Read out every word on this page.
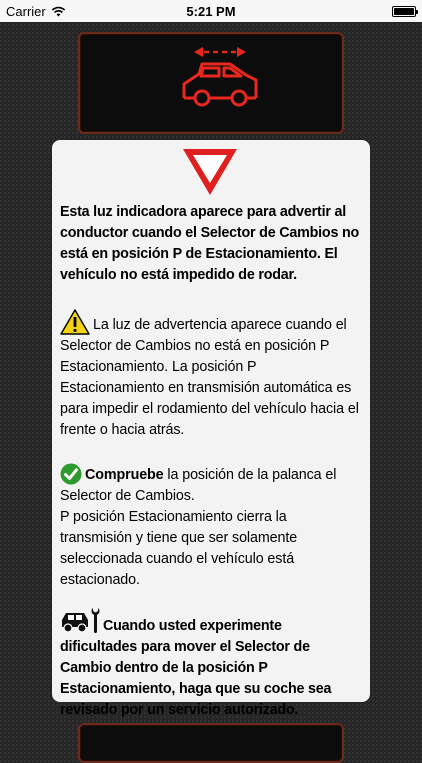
Carrier	5:21 PM

Esta luz indicadora aparece para advertir al conductor cuando el Selector de Cambios no está en posición P de Estacionamiento. El vehículo no está impedido de rodar.

La luz de advertencia aparece cuando el Selector de Cambios no está en posición P Estacionamiento. La posición P Estacionamiento en transmisión automática es para impedir el rodamiento del vehículo hacia el frente o hacia atrás.

Compruebe la posición de la palanca el Selector de Cambios.

P posición Estacionamiento cierra la transmisión y tiene que ser solamente seleccionada cuando el vehículo está estacionado.

Cuando usted experimente dificultades para mover el Selector de Cambio dentro de la posición P Estacionamiento, haga que su coche sea revisado por un servicio autorizado.
